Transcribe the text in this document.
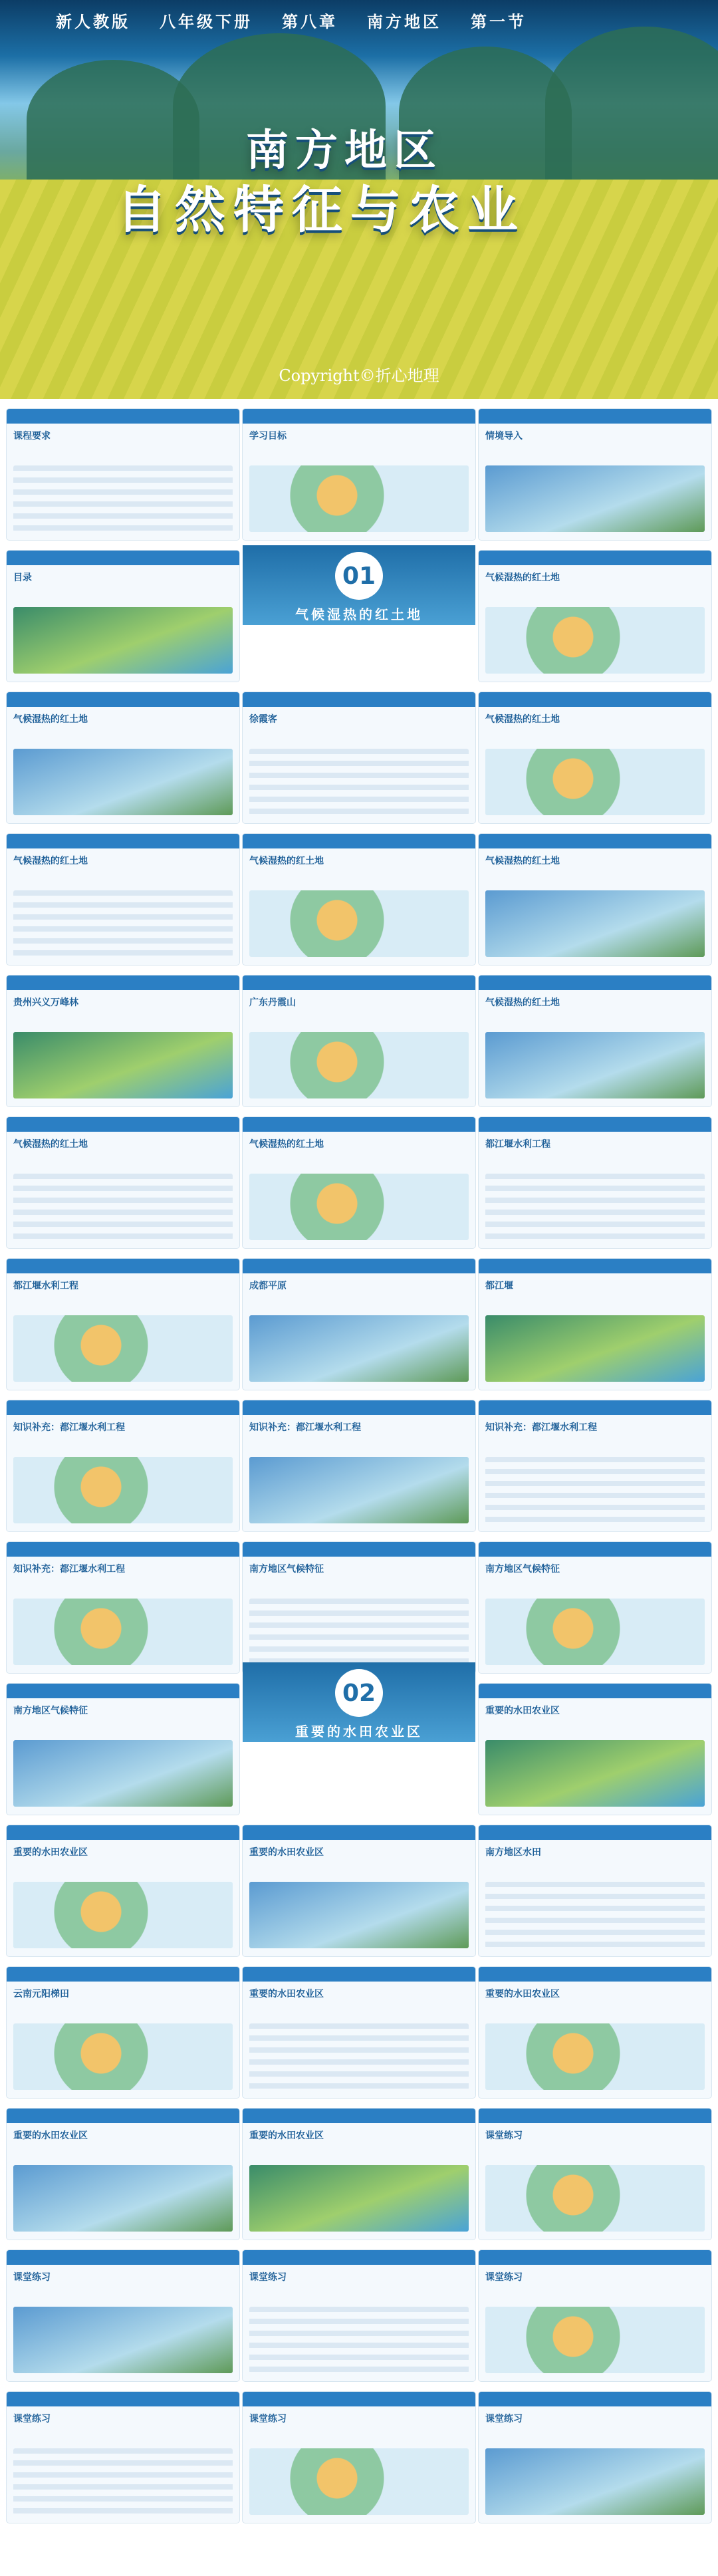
新人教版 八年级下册 第八章 南方地区 第一节
南方地区
自然特征与农业
Copyright©折心地理
课程要求	学习目标	情境导入
目录	气候湿热的红土地
气候湿热的红土地	徐霞客	气候湿热的红土地
气候湿热的红土地	气候湿热的红土地	气候湿热的红土地
贵州兴义万峰林	广东丹霞山	气候湿热的红土地
气候湿热的红土地	气候湿热的红土地	都江堰水利工程
都江堰水利工程	成都平原	都江堰
知识补充：都江堰水利工程	知识补充：都江堰水利工程	知识补充：都江堰水利工程
知识补充：都江堰水利工程	南方地区气候特征	南方地区气候特征
南方地区气候特征	重要的水田农业区
重要的水田农业区	重要的水田农业区	南方地区水田
云南元阳梯田	重要的水田农业区	重要的水田农业区
重要的水田农业区	重要的水田农业区	课堂练习
课堂练习	课堂练习	课堂练习
课堂练习	课堂练习	课堂练习
01
气候湿热的红土地
02
重要的水田农业区
